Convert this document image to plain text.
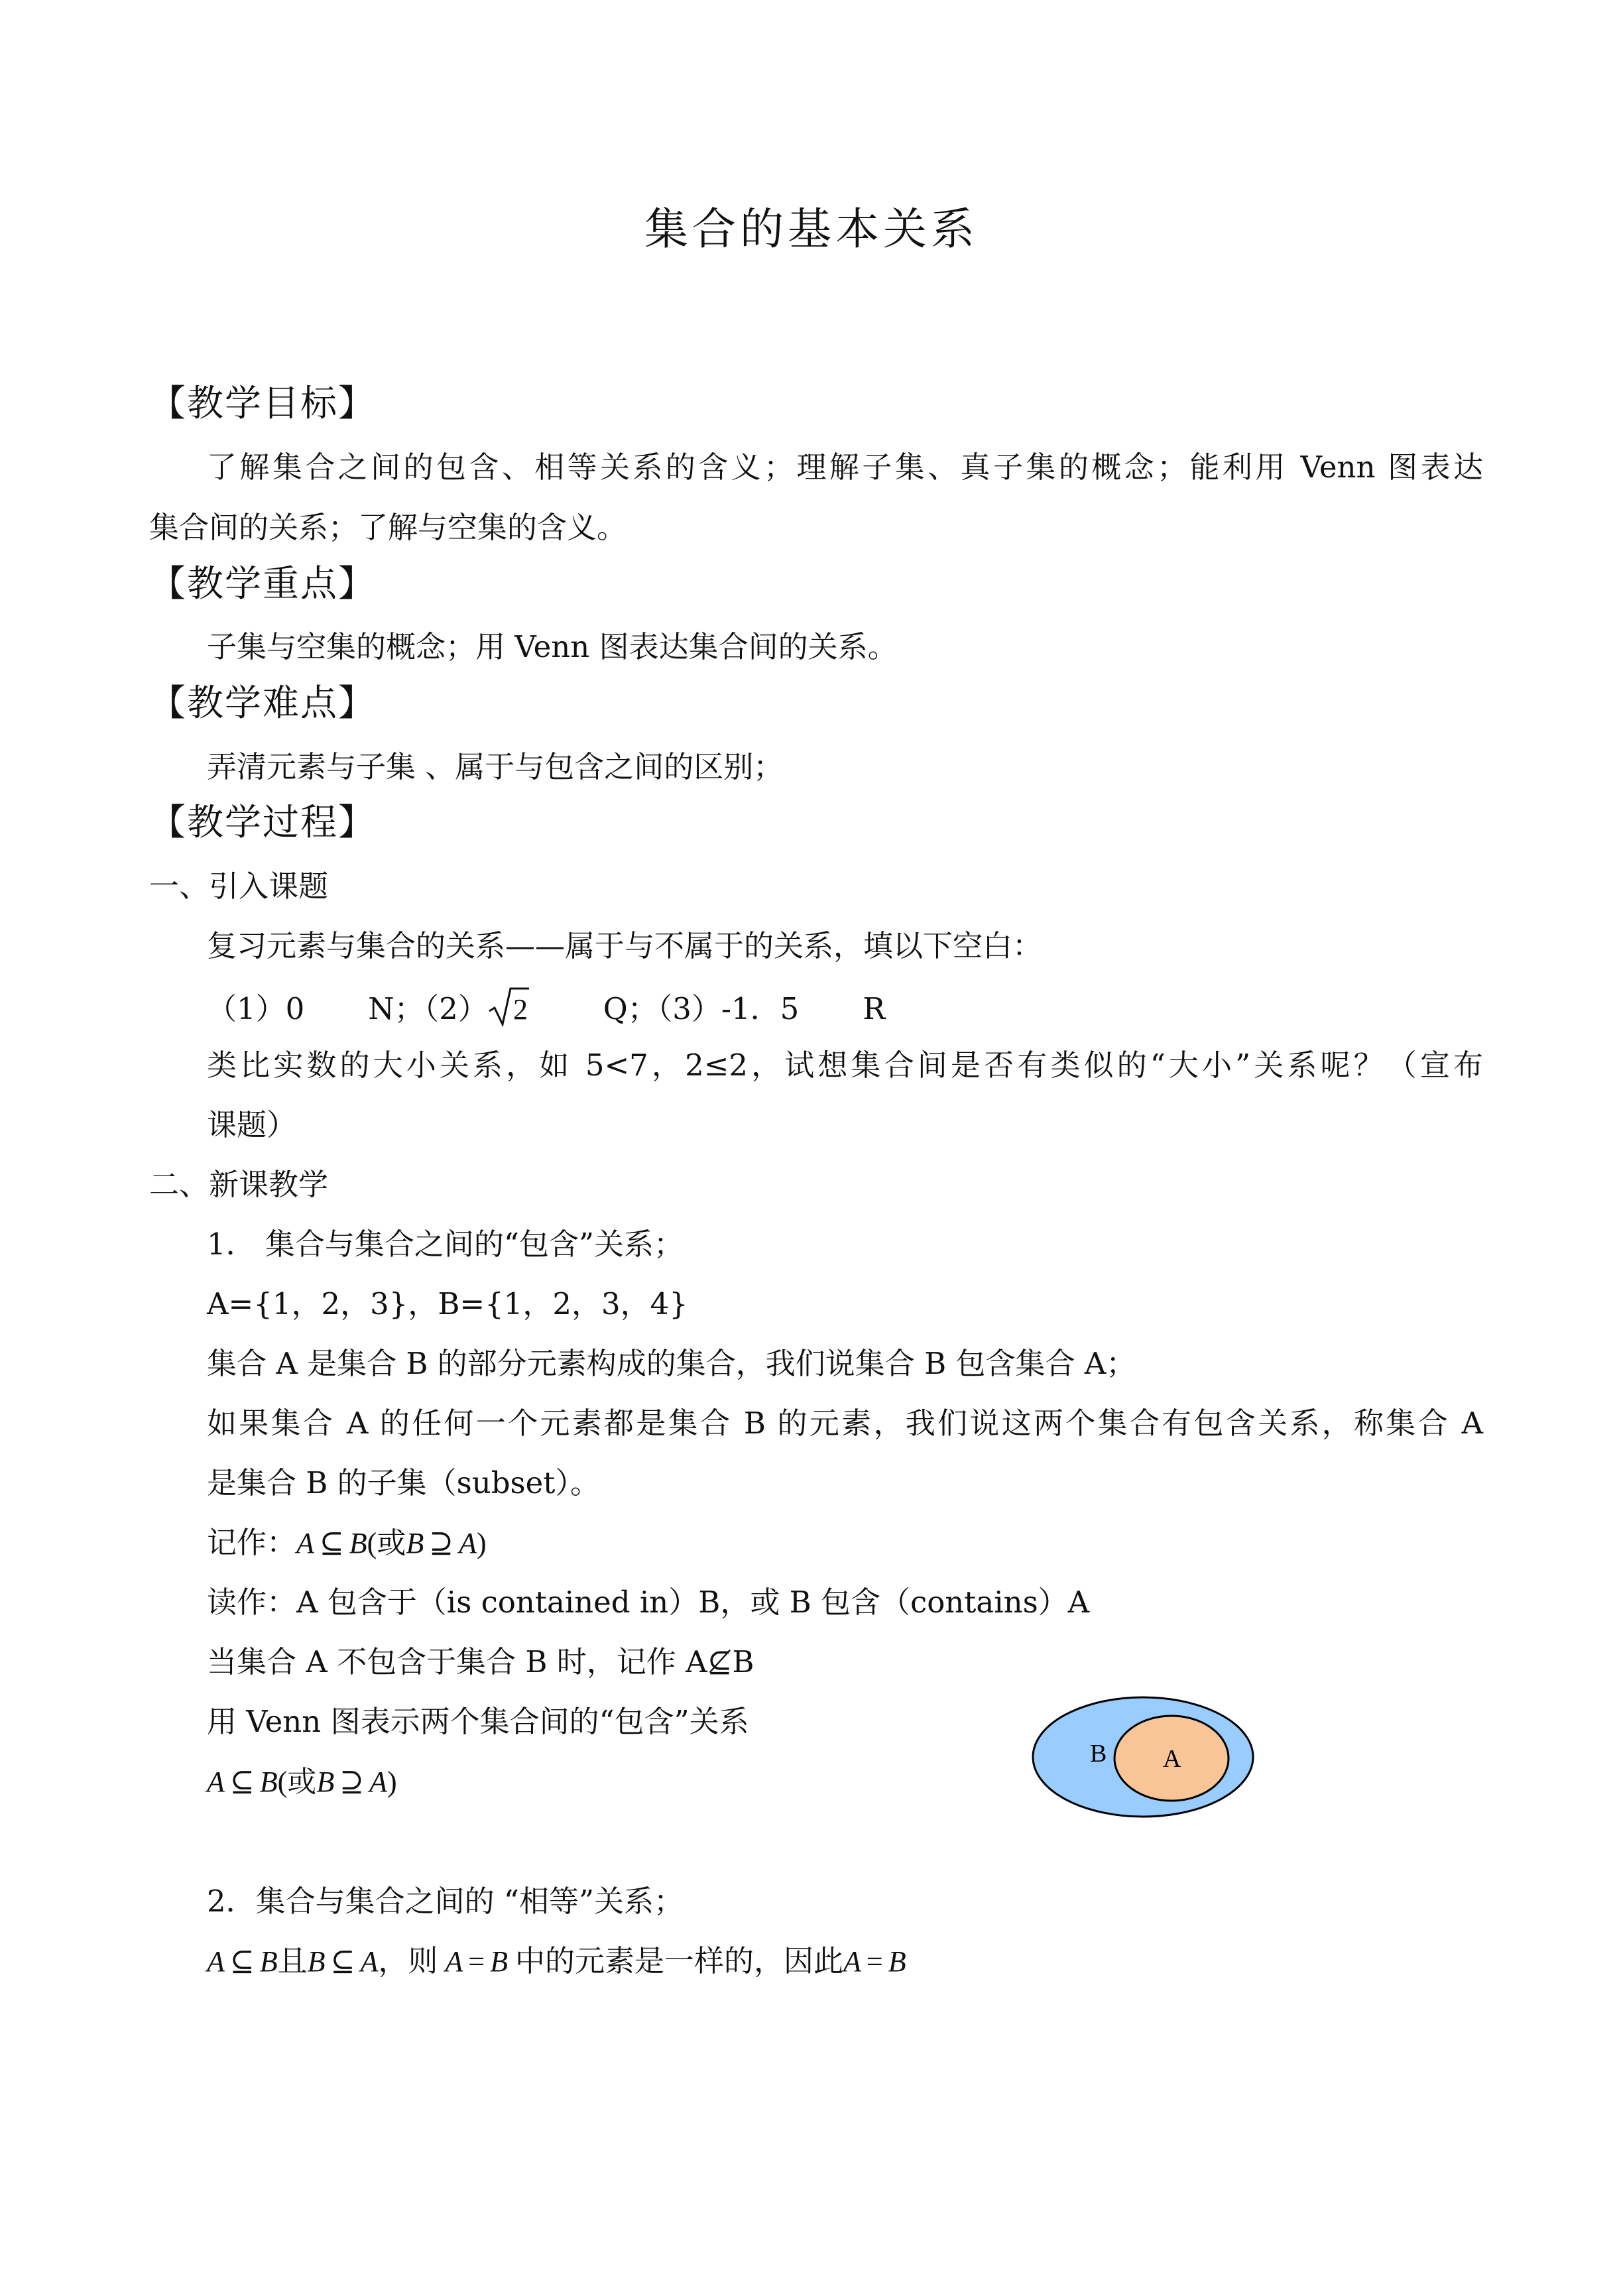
集合的基本关系
【教学目标】
了解集合之间的包含、相等关系的含义；理解子集、真子集的概念；能利用 Venn 图表达
集合间的关系；了解与空集的含义。
【教学重点】
子集与空集的概念；用 Venn 图表达集合间的关系。
【教学难点】
弄清元素与子集 、属于与包含之间的区别；
【教学过程】
一、引入课题
复习元素与集合的关系——属于与不属于的关系，填以下空白：
（1）0 N；（2） 2	Q；（3）-1．5 R
类比实数的大小关系，如 5<7，2≤2，试想集合间是否有类似的“大小”关系呢？（宣布
课题）
二、新课教学
1． 集合与集合之间的“包含”关系；
A={1，2，3}，B={1，2，3，4}
集合 A 是集合 B 的部分元素构成的集合，我们说集合 B 包含集合 A；
如果集合 A 的任何一个元素都是集合 B 的元素，我们说这两个集合有包含关系，称集合 A
是集合 B 的子集（subset）。
记作：A ⊆ B(或B ⊇ A)
读作：A 包含于（is contained in）B，或 B 包含（contains）A
当集合 A 不包含于集合 B 时，记作 A⊈B
用 Venn 图表示两个集合间的“包含”关系
A ⊆ B(或B ⊇ A)
B A
2．集合与集合之间的 “相等”关系；
A ⊆ B且B ⊆ A，则 A = B 中的元素是一样的，因此A = B
